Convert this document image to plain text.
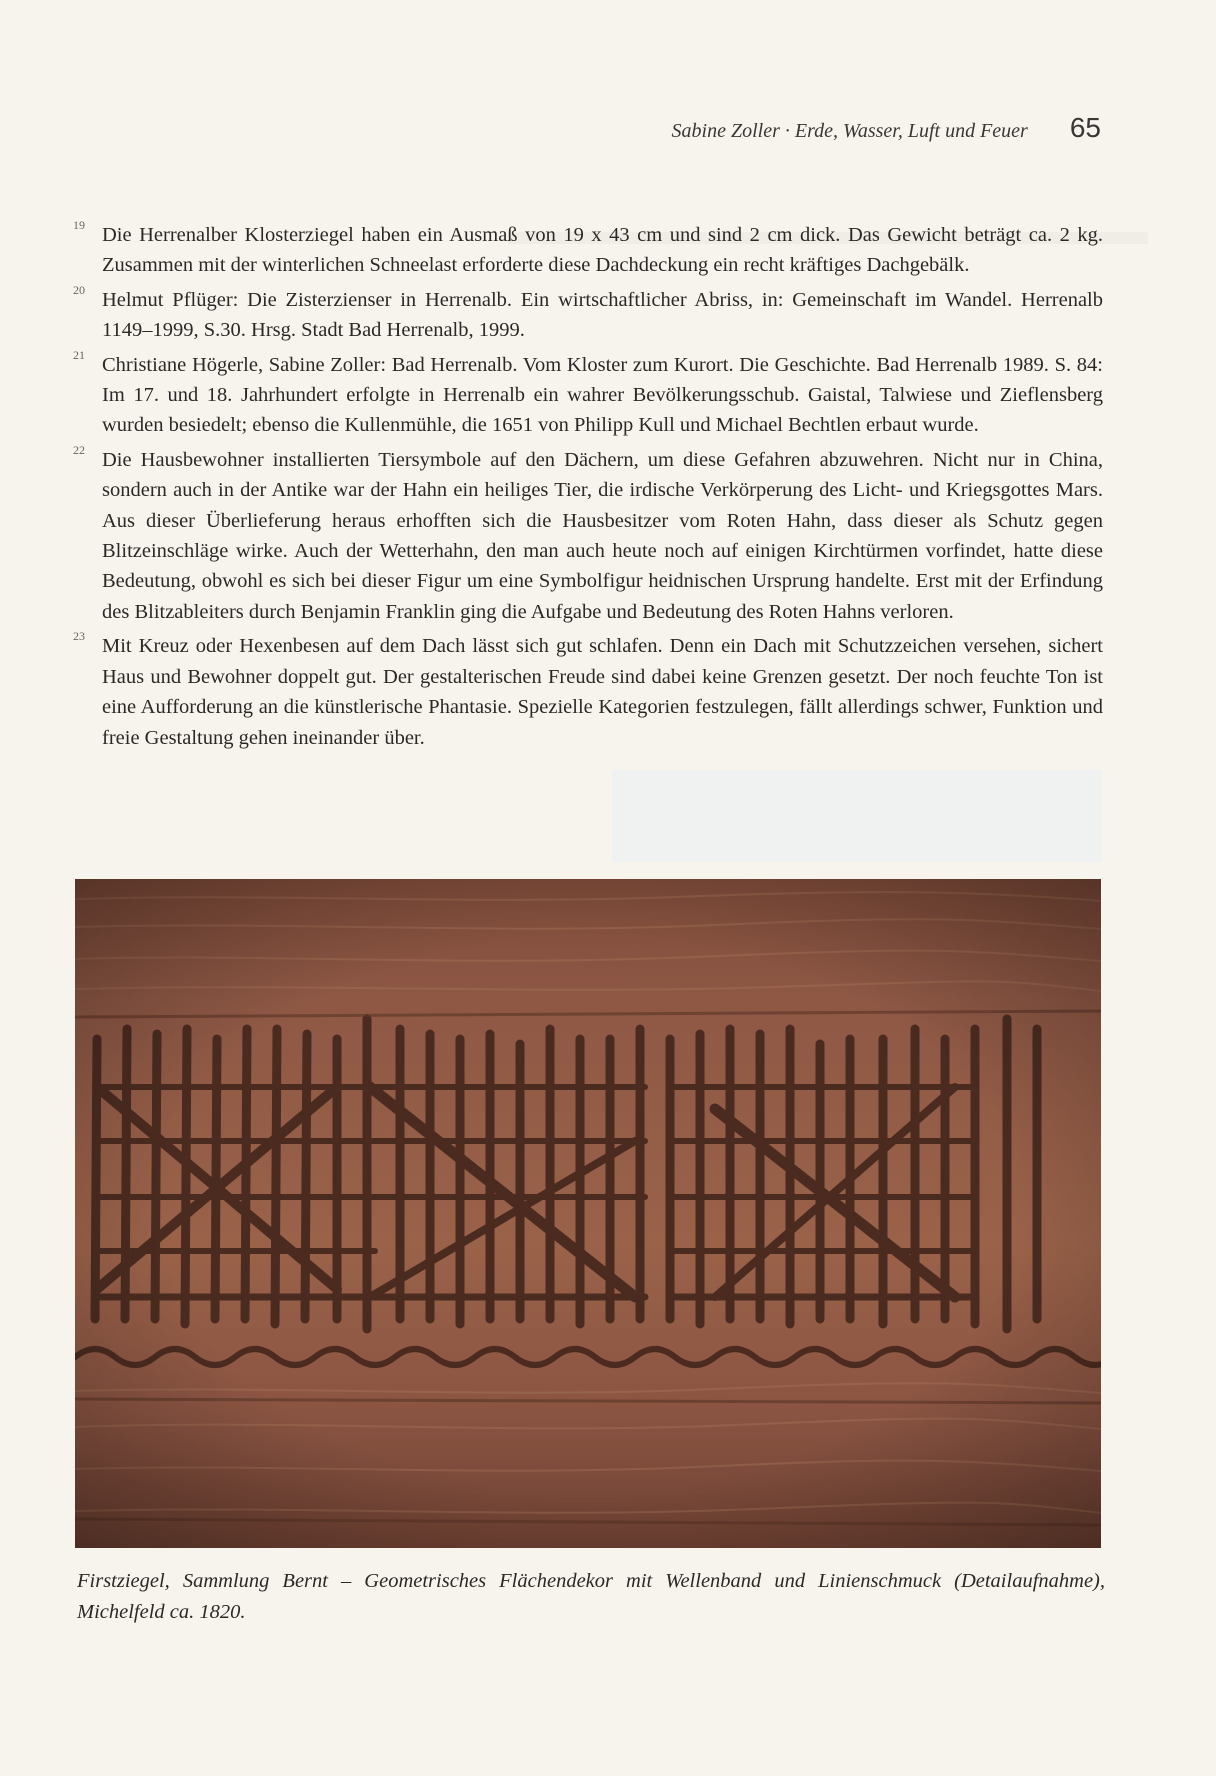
Sabine Zoller · Erde, Wasser, Luft und Feuer 65
19 Die Herrenalber Klosterziegel haben ein Ausmaß von 19 x 43 cm und sind 2 cm dick. Das Gewicht beträgt ca. 2 kg. Zusammen mit der winterlichen Schneelast erforderte diese Dachdeckung ein recht kräftiges Dachgebälk.
20 Helmut Pflüger: Die Zisterzienser in Herrenalb. Ein wirtschaftlicher Abriss, in: Gemeinschaft im Wandel. Herrenalb 1149–1999, S.30. Hrsg. Stadt Bad Herrenalb, 1999.
21 Christiane Högerle, Sabine Zoller: Bad Herrenalb. Vom Kloster zum Kurort. Die Geschichte. Bad Herrenalb 1989. S. 84: Im 17. und 18. Jahrhundert erfolgte in Herrenalb ein wahrer Bevölkerungsschub. Gaistal, Talwiese und Zieflensberg wurden besiedelt; ebenso die Kullenmühle, die 1651 von Philipp Kull und Michael Bechtlen erbaut wurde.
22 Die Hausbewohner installierten Tiersymbole auf den Dächern, um diese Gefahren abzuwehren. Nicht nur in China, sondern auch in der Antike war der Hahn ein heiliges Tier, die irdische Verkörperung des Licht- und Kriegsgottes Mars. Aus dieser Überlieferung heraus erhofften sich die Hausbesitzer vom Roten Hahn, dass dieser als Schutz gegen Blitzeinschläge wirke. Auch der Wetterhahn, den man auch heute noch auf einigen Kirchtürmen vorfindet, hatte diese Bedeutung, obwohl es sich bei dieser Figur um eine Symbolfigur heidnischen Ursprung handelte. Erst mit der Erfindung des Blitzableiters durch Benjamin Franklin ging die Aufgabe und Bedeutung des Roten Hahns verloren.
23 Mit Kreuz oder Hexenbesen auf dem Dach lässt sich gut schlafen. Denn ein Dach mit Schutzzeichen versehen, sichert Haus und Bewohner doppelt gut. Der gestalterischen Freude sind dabei keine Grenzen gesetzt. Der noch feuchte Ton ist eine Aufforderung an die künstlerische Phantasie. Spezielle Kategorien festzulegen, fällt allerdings schwer, Funktion und freie Gestaltung gehen ineinander über.
Firstziegel, Sammlung Bernt – Geometrisches Flächendekor mit Wellenband und Linienschmuck (Detailaufnahme), Michelfeld ca. 1820.
